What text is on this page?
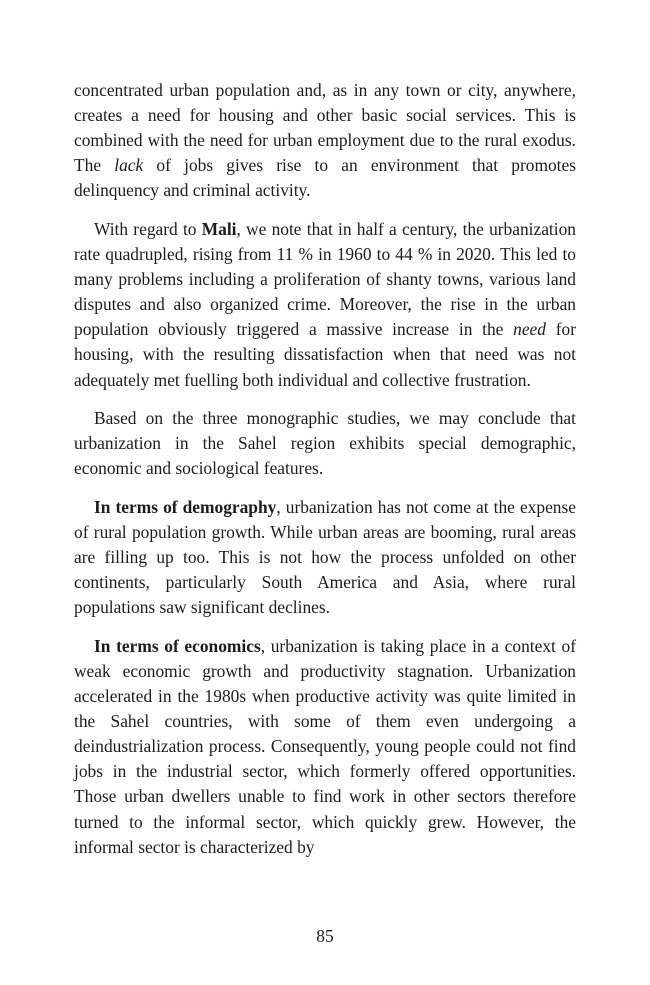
concentrated urban population and, as in any town or city, anywhere, creates a need for housing and other basic social services. This is combined with the need for urban employment due to the rural exodus. The lack of jobs gives rise to an environment that promotes delinquency and criminal activity.

With regard to Mali, we note that in half a century, the urbanization rate quadrupled, rising from 11 % in 1960 to 44 % in 2020. This led to many problems including a proliferation of shanty towns, various land disputes and also organized crime. Moreover, the rise in the urban population obviously triggered a massive increase in the need for housing, with the resulting dissatisfaction when that need was not adequately met fuelling both individual and collective frustration.

Based on the three monographic studies, we may conclude that urbanization in the Sahel region exhibits special demographic, economic and sociological features.

In terms of demography, urbanization has not come at the expense of rural population growth. While urban areas are booming, rural areas are filling up too. This is not how the process unfolded on other continents, particularly South America and Asia, where rural populations saw significant declines.

In terms of economics, urbanization is taking place in a context of weak economic growth and productivity stagnation. Urbanization accelerated in the 1980s when productive activity was quite limited in the Sahel countries, with some of them even undergoing a deindustrialization process. Consequently, young people could not find jobs in the industrial sector, which formerly offered opportunities. Those urban dwellers unable to find work in other sectors therefore turned to the informal sector, which quickly grew. However, the informal sector is characterized by

85
